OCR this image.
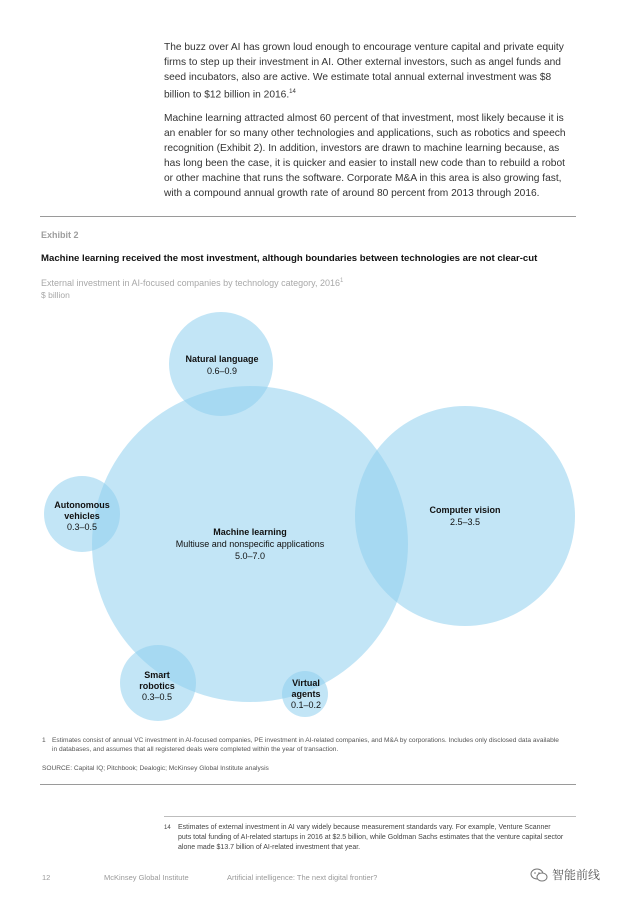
The buzz over AI has grown loud enough to encourage venture capital and private equity firms to step up their investment in AI. Other external investors, such as angel funds and seed incubators, also are active. We estimate total annual external investment was $8 billion to $12 billion in 2016.14

Machine learning attracted almost 60 percent of that investment, most likely because it is an enabler for so many other technologies and applications, such as robotics and speech recognition (Exhibit 2). In addition, investors are drawn to machine learning because, as has long been the case, it is quicker and easier to install new code than to rebuild a robot or other machine that runs the software. Corporate M&A in this area is also growing fast, with a compound annual growth rate of around 80 percent from 2013 through 2016.

Exhibit 2
Machine learning received the most investment, although boundaries between technologies are not clear-cut
External investment in AI-focused companies by technology category, 2016$^1$
$ billion
Machine learning
Multiuse and nonspecific applications
5.0–7.0
Computer vision
2.5–3.5
Natural language
0.6–0.9
Autonomous
vehicles
0.3–0.5
Smart
robotics
0.3–0.5
Virtual
agents
0.1–0.2
1 Estimates consist of annual VC investment in AI-focused companies, PE investment in AI-related companies, and M&A by corporations. Includes only disclosed data available in databases, and assumes that all registered deals were completed within the year of transaction.
SOURCE: Capital IQ; Pitchbook; Dealogic; McKinsey Global Institute analysis
14	Estimates of external investment in AI vary widely because measurement standards vary. For example, Venture Scanner puts total funding of AI-related startups in 2016 at $2.5 billion, while Goldman Sachs estimates that the venture capital sector alone made $13.7 billion of AI-related investment that year.
12	McKinsey Global Institute	Artificial intelligence: The next digital frontier?	智能前线
